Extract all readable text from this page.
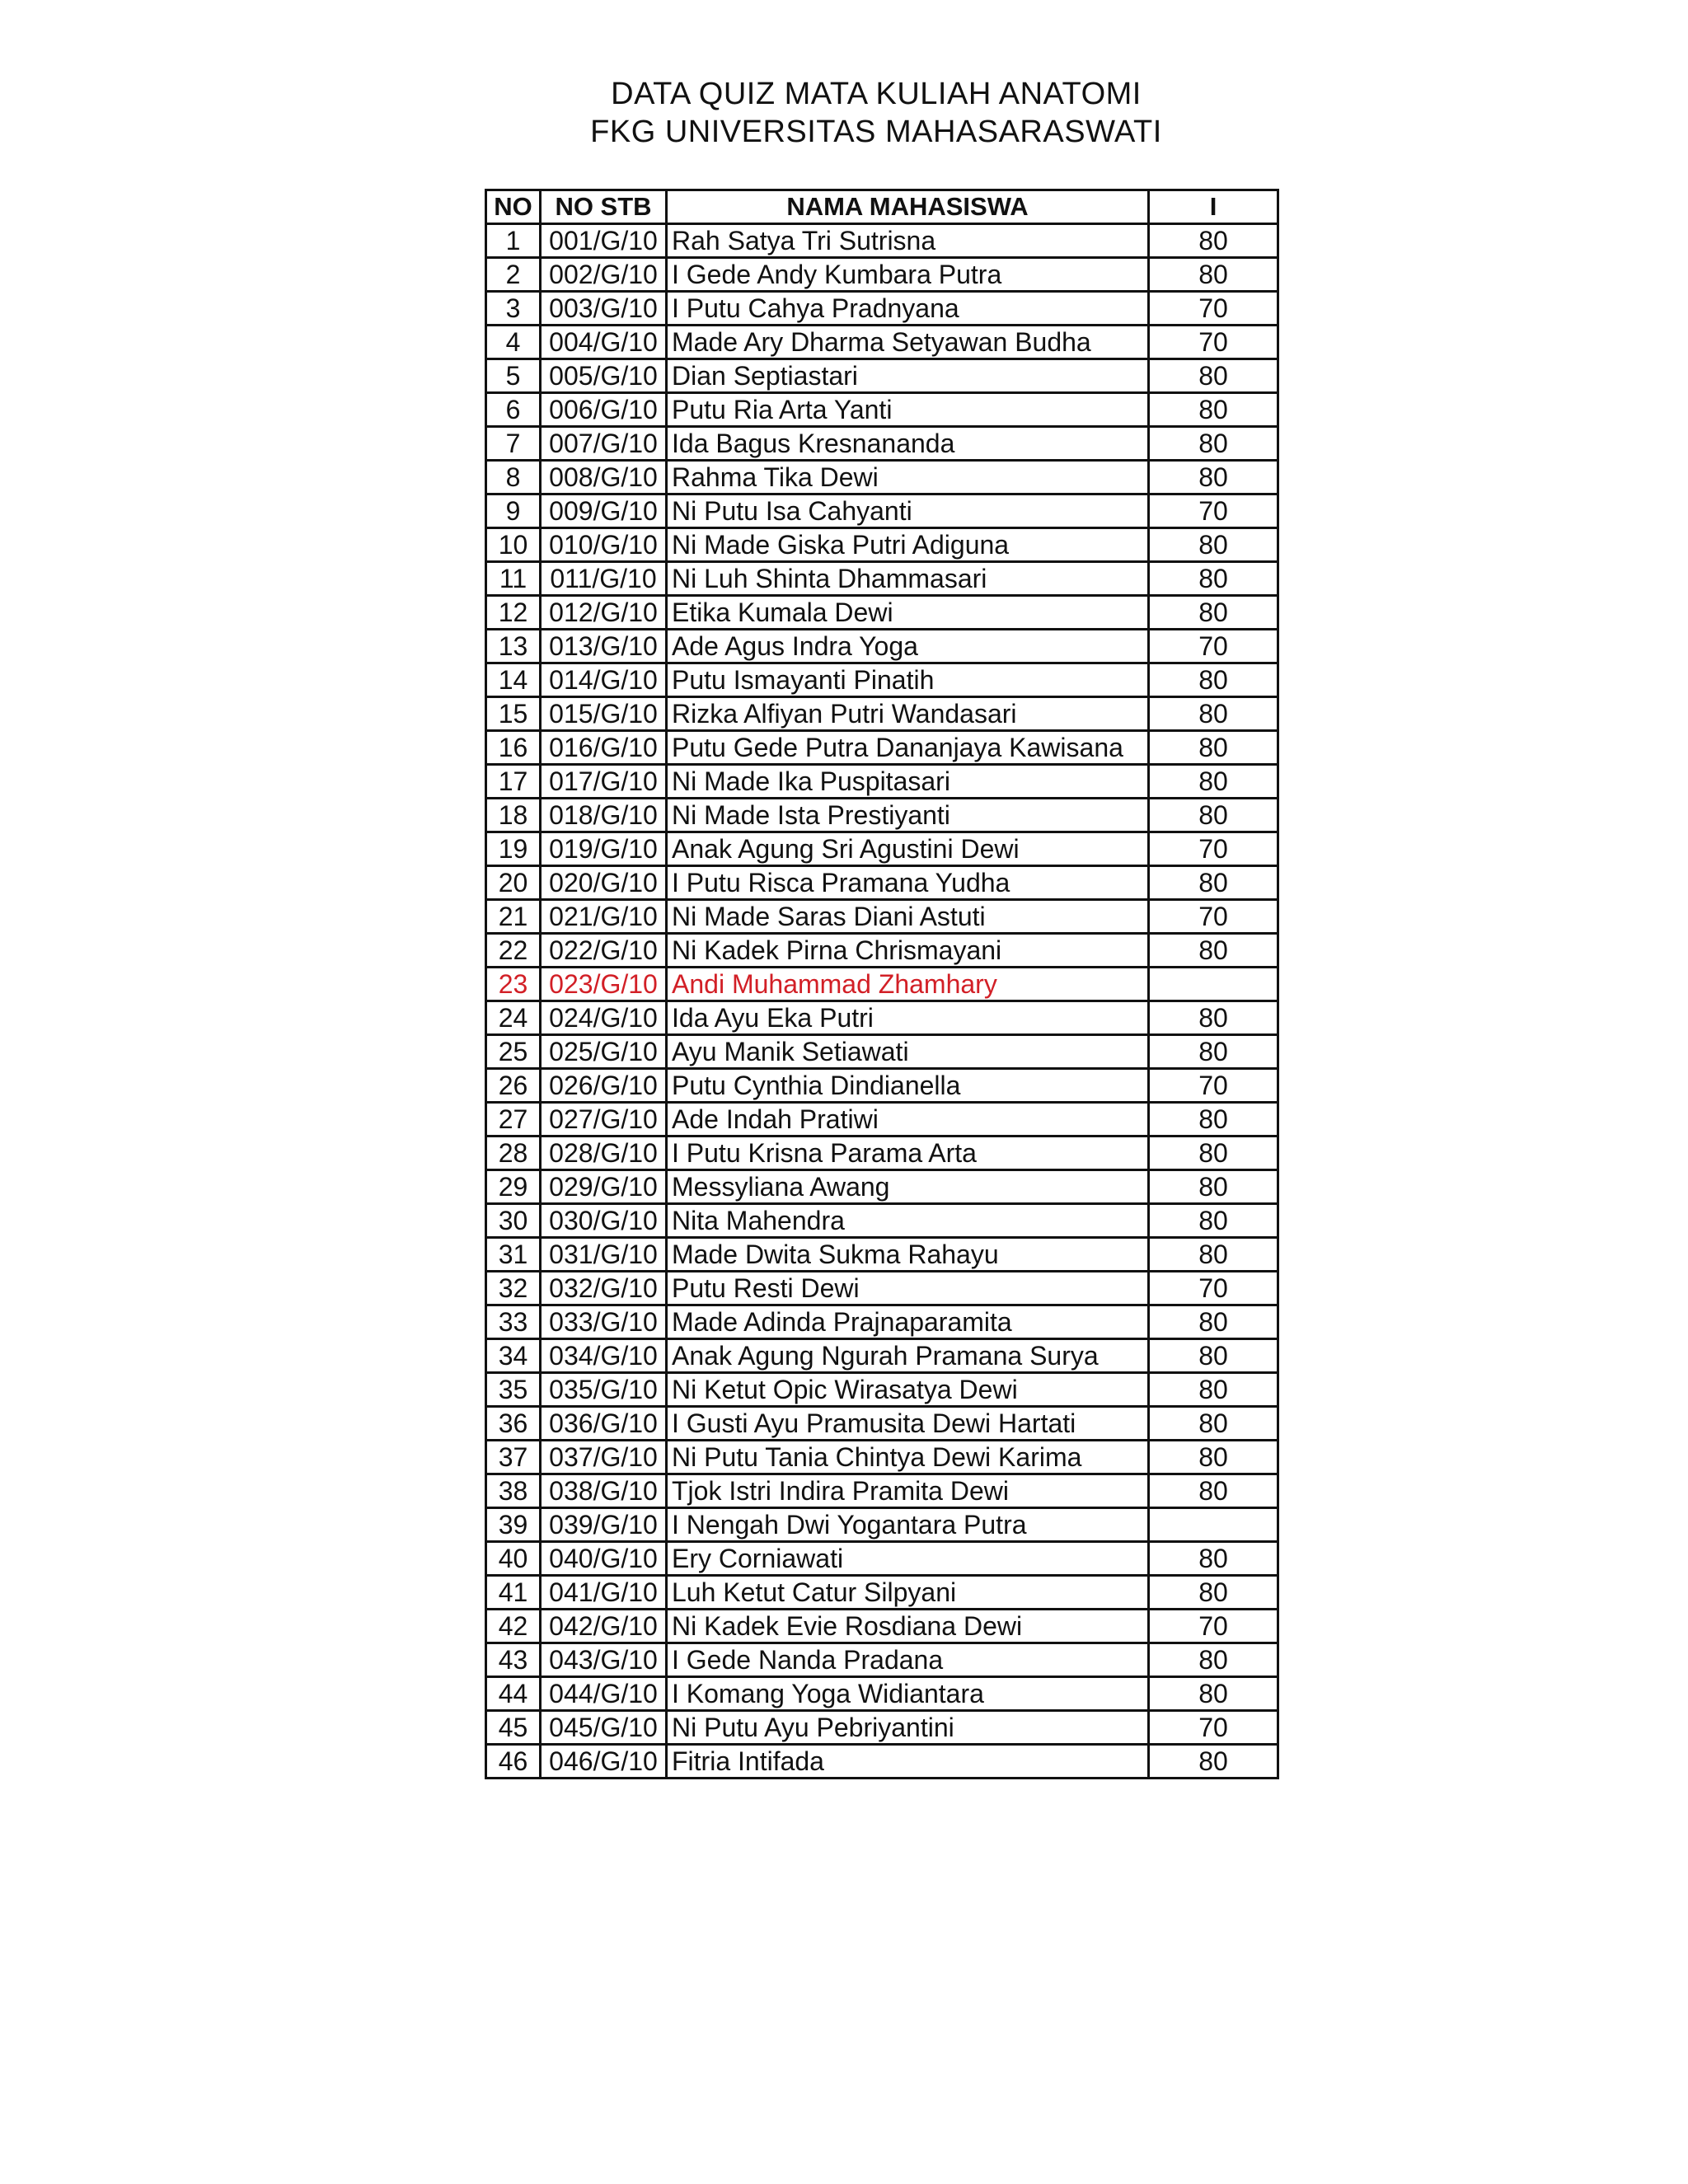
DATA QUIZ MATA KULIAH ANATOMI
FKG UNIVERSITAS MAHASARASWATI
NO	NO STB	NAMA MAHASISWA	I
1	001/G/10	Rah Satya Tri Sutrisna	80
2	002/G/10	I Gede Andy Kumbara Putra	80
3	003/G/10	I Putu Cahya Pradnyana	70
4	004/G/10	Made Ary Dharma Setyawan Budha	70
5	005/G/10	Dian Septiastari	80
6	006/G/10	Putu Ria Arta Yanti	80
7	007/G/10	Ida Bagus Kresnananda	80
8	008/G/10	Rahma Tika Dewi	80
9	009/G/10	Ni Putu Isa Cahyanti	70
10	010/G/10	Ni Made Giska Putri Adiguna	80
11	011/G/10	Ni Luh Shinta Dhammasari	80
12	012/G/10	Etika Kumala Dewi	80
13	013/G/10	Ade Agus Indra Yoga	70
14	014/G/10	Putu Ismayanti Pinatih	80
15	015/G/10	Rizka Alfiyan Putri Wandasari	80
16	016/G/10	Putu Gede Putra Dananjaya Kawisana	80
17	017/G/10	Ni Made Ika Puspitasari	80
18	018/G/10	Ni Made Ista Prestiyanti	80
19	019/G/10	Anak Agung Sri Agustini Dewi	70
20	020/G/10	I Putu Risca Pramana Yudha	80
21	021/G/10	Ni Made Saras Diani Astuti	70
22	022/G/10	Ni Kadek Pirna Chrismayani	80
23	023/G/10	Andi Muhammad Zhamhary	
24	024/G/10	Ida Ayu Eka Putri	80
25	025/G/10	Ayu Manik Setiawati	80
26	026/G/10	Putu Cynthia Dindianella	70
27	027/G/10	Ade Indah Pratiwi	80
28	028/G/10	I Putu Krisna Parama Arta	80
29	029/G/10	Messyliana Awang	80
30	030/G/10	Nita Mahendra	80
31	031/G/10	Made Dwita Sukma Rahayu	80
32	032/G/10	Putu Resti Dewi	70
33	033/G/10	Made Adinda Prajnaparamita	80
34	034/G/10	Anak Agung Ngurah Pramana Surya	80
35	035/G/10	Ni Ketut Opic Wirasatya Dewi	80
36	036/G/10	I Gusti Ayu Pramusita Dewi Hartati	80
37	037/G/10	Ni Putu Tania Chintya Dewi Karima	80
38	038/G/10	Tjok Istri Indira Pramita Dewi	80
39	039/G/10	I Nengah Dwi Yogantara Putra	
40	040/G/10	Ery Corniawati	80
41	041/G/10	Luh Ketut Catur Silpyani	80
42	042/G/10	Ni Kadek Evie Rosdiana Dewi	70
43	043/G/10	I Gede Nanda Pradana	80
44	044/G/10	I Komang Yoga Widiantara	80
45	045/G/10	Ni Putu Ayu Pebriyantini	70
46	046/G/10	Fitria Intifada	80
